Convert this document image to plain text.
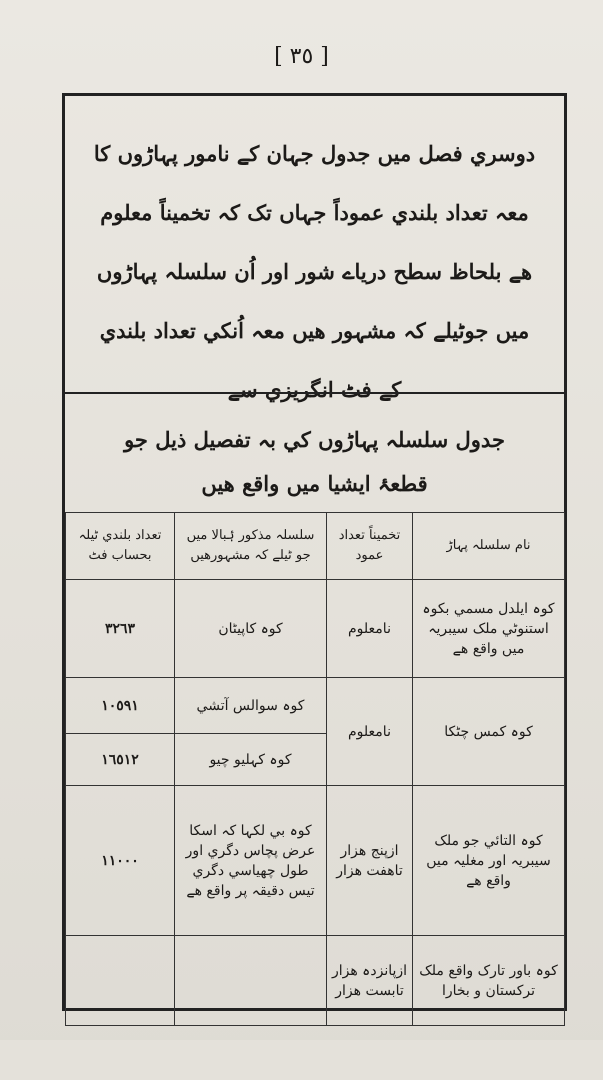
[ ٣٥ ]

دوسري فصل ميں جدول جہان کے نامور پہاڑوں کا

معہ تعداد بلندي عموداً جہاں تک کہ تخميناً معلوم

هے بلحاظ سطح درياے شور اور اُن سلسلہ پہاڑوں

ميں جوٹيلے کہ مشہور هيں معہ اُنکي تعداد بلندي

کے فٹ انگريزي سے

جدول سلسلہ پہاڑوں کي بہ تفصيل ذيل جو

قطعۂ ايشيا ميں واقع هيں

نام سلسلہ پہاڑ	تخميناً تعداد عمود	سلسلہ مذکور ۂبالا ميں جو ٹيلے کہ مشہورهيں	تعداد بلندي ٹيلہ بحساب فٹ
کوہ ايلدل مسمي بکوہ استنوٹي ملک سيبريہ ميں واقع هے	نامعلوم	کوہ کاپيٹان	٣٢٦٣
کوہ کمس چٹکا	نامعلوم	کوہ سوالس آتشي	١٠٥٩١
		کوہ کہليو چيو	١٦٥١٢
کوہ التائي جو ملک سيبريہ اور مغليہ ميں واقع هے	ازپنج هزار تاهفت هزار	کوہ بي لکہا کہ اسکا عرض پچاس دگري اور طول چهياسي دگري تيس دقيقہ پر واقع هے	١١٠٠٠
کوہ باور تارک واقع ملک ترکستان و بخارا	ازپانزدہ هزار تابست هزار		
